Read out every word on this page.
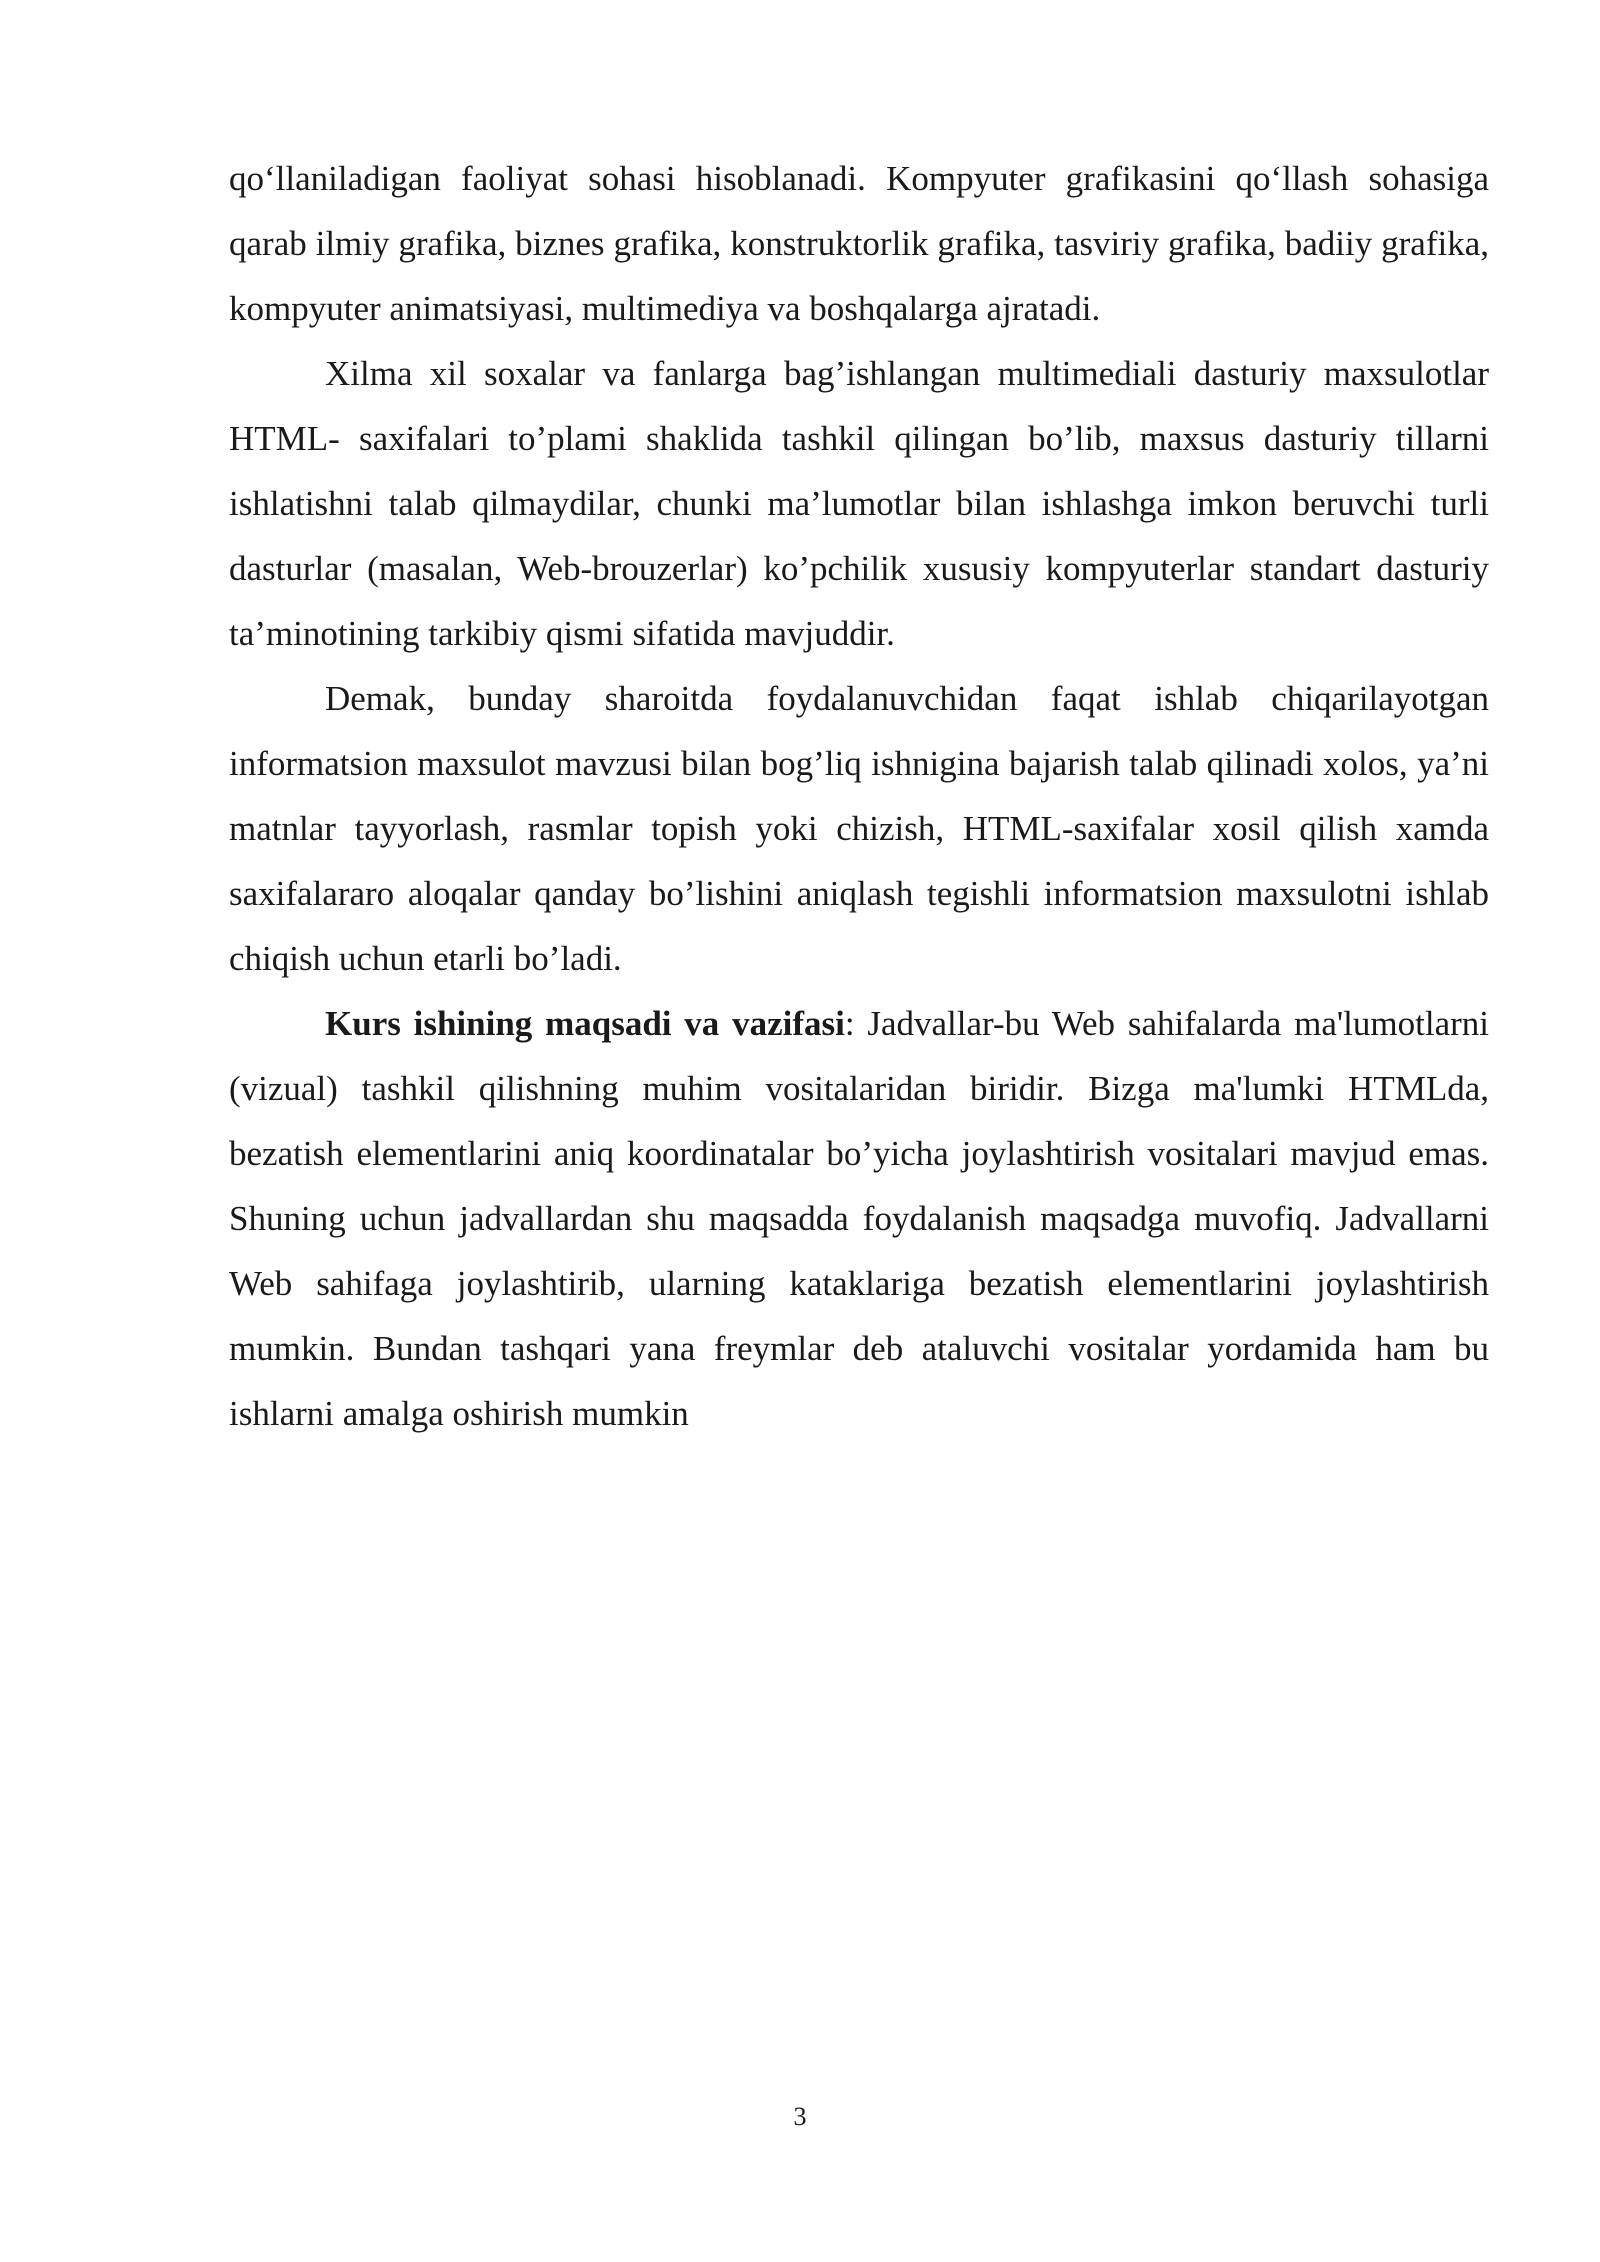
qo‘llaniladigan faoliyat sohasi hisoblanadi. Kompyuter grafikasini qo‘llash sohasiga qarab ilmiy grafika, biznes grafika, konstruktorlik grafika, tasviriy grafika, badiiy grafika, kompyuter animatsiyasi, multimediya va boshqalarga ajratadi.

Xilma xil soxalar va fanlarga bag’ishlangan multimediali dasturiy maxsulotlar HTML- saxifalari to’plami shaklida tashkil qilingan bo’lib, maxsus dasturiy tillarni ishlatishni talab qilmaydilar, chunki ma’lumotlar bilan ishlashga imkon beruvchi turli dasturlar (masalan, Web-brouzerlar) ko’pchilik xususiy kompyuterlar standart dasturiy ta’minotining tarkibiy qismi sifatida mavjuddir.

Demak, bunday sharoitda foydalanuvchidan faqat ishlab chiqarilayotgan informatsion maxsulot mavzusi bilan bog’liq ishnigina bajarish talab qilinadi xolos, ya’ni matnlar tayyorlash, rasmlar topish yoki chizish, HTML-saxifalar xosil qilish xamda saxifalararo aloqalar qanday bo’lishini aniqlash tegishli informatsion maxsulotni ishlab chiqish uchun etarli bo’ladi.

Kurs ishining maqsadi va vazifasi: Jadvallar-bu Web sahifalarda ma'lumotlarni (vizual) tashkil qilishning muhim vositalaridan biridir. Bizga ma'lumki HTMLda, bezatish elementlarini aniq koordinatalar bo’yicha joylashtirish vositalari mavjud emas. Shuning uchun jadvallardan shu maqsadda foydalanish maqsadga muvofiq. Jadvallarni Web sahifaga joylashtirib, ularning kataklariga bezatish elementlarini joylashtirish mumkin. Bundan tashqari yana freymlar deb ataluvchi vositalar yordamida ham bu ishlarni amalga oshirish mumkin

3
